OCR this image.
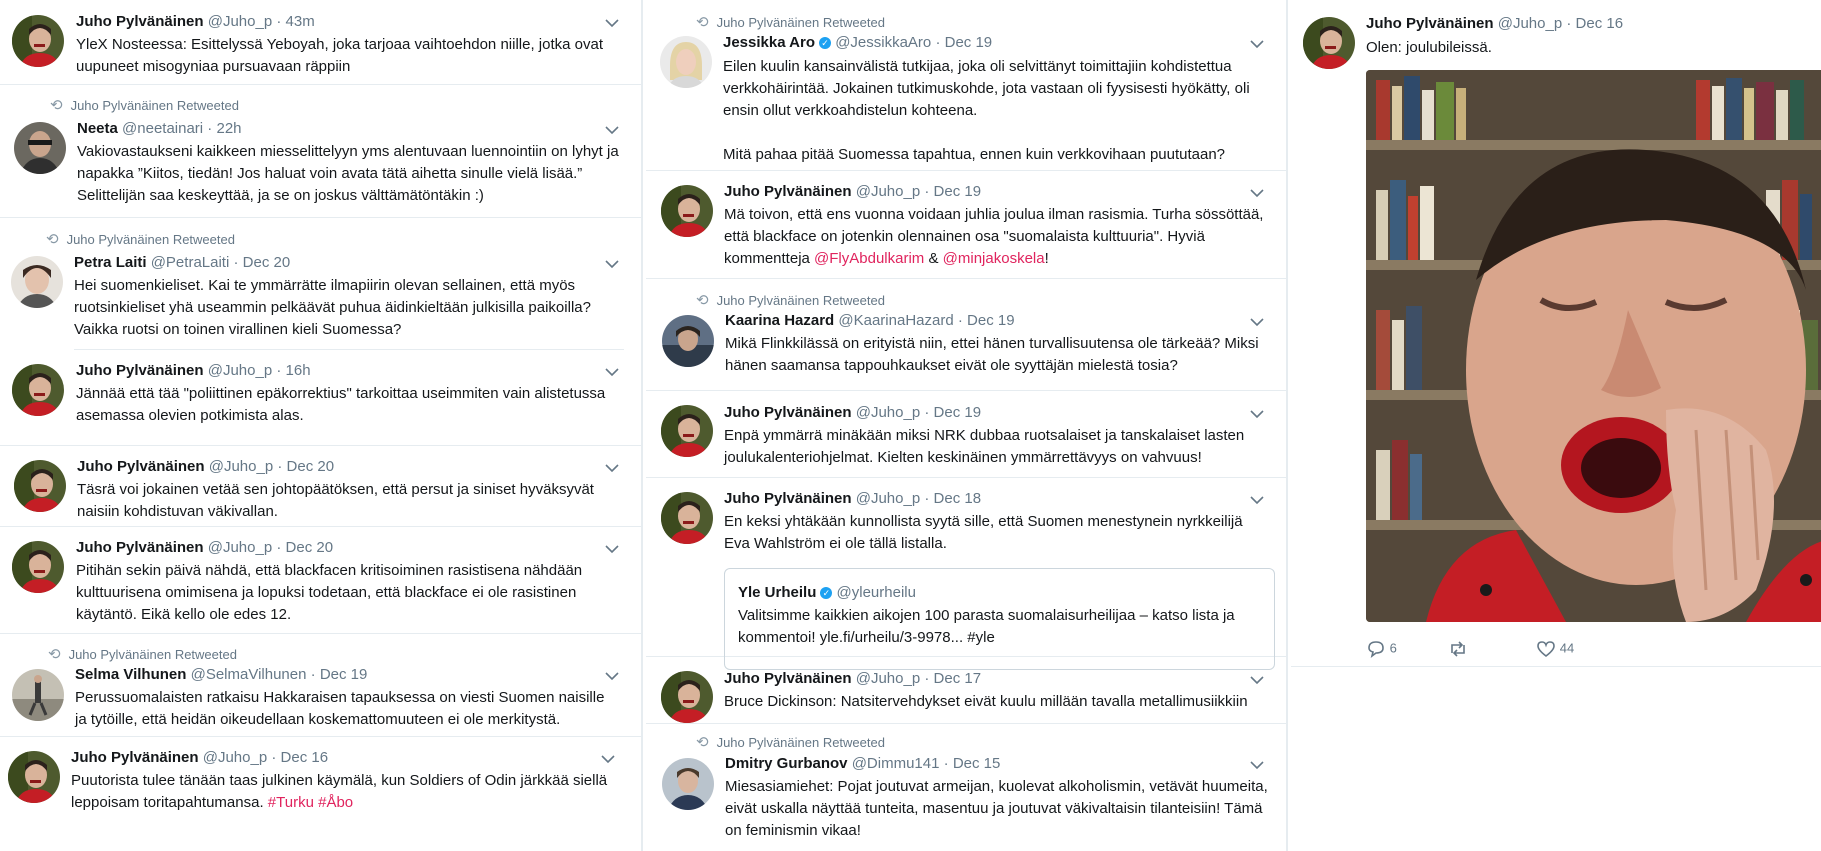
Juho Pylvänäinen @Juho_p · 43m
YleX Nosteessa: Esittelyssä Yeboyah, joka tarjoaa vaihtoehdon niille, jotka ovat uupuneet misogyniaa pursuavaan räppiin
⟲ Juho Pylvänäinen Retweeted
Neeta @neetainari · 22h
Vakiovastaukseni kaikkeen miesselittelyyn yms alentuvaan luennointiin on lyhyt ja napakka ”Kiitos, tiedän! Jos haluat voin avata tätä aihetta sinulle vielä lisää.” Selittelijän saa keskeyttää, ja se on joskus välttämätöntäkin :)
⟲ Juho Pylvänäinen Retweeted
Petra Laiti @PetraLaiti · Dec 20
Hei suomenkieliset. Kai te ymmärrätte ilmapiirin olevan sellainen, että myös ruotsinkieliset yhä useammin pelkäävät puhua äidinkieltään julkisilla paikoilla? Vaikka ruotsi on toinen virallinen kieli Suomessa?
Juho Pylvänäinen @Juho_p · 16h
Jännää että tää "poliittinen epäkorrektius" tarkoittaa useimmiten vain alistetussa asemassa olevien potkimista alas.
Juho Pylvänäinen @Juho_p · Dec 20
Täsrä voi jokainen vetää sen johtopäätöksen, että persut ja siniset hyväksyvät naisiin kohdistuvan väkivallan.
Juho Pylvänäinen @Juho_p · Dec 20
Pitihän sekin päivä nähdä, että blackfacen kritisoiminen rasistisena nähdään kulttuurisena omimisena ja lopuksi todetaan, että blackface ei ole rasistinen käytäntö. Eikä kello ole edes 12.
⟲ Juho Pylvänäinen Retweeted
Selma Vilhunen @SelmaVilhunen · Dec 19
Perussuomalaisten ratkaisu Hakkaraisen tapauksessa on viesti Suomen naisille ja tytöille, että heidän oikeudellaan koskemattomuuteen ei ole merkitystä.
Juho Pylvänäinen @Juho_p · Dec 16
Puutorista tulee tänään taas julkinen käymälä, kun Soldiers of Odin järkkää siellä leppoisam toritapahtumansa. #Turku #Åbo
⟲ Juho Pylvänäinen Retweeted
Jessikka Aro ✓ @JessikkaAro · Dec 19

Eilen kuulin kansainvälistä tutkijaa, joka oli selvittänyt toimittajiin kohdistettua verkkohäirintää. Jokainen tutkimuskohde, jota vastaan oli fyysisesti hyökätty, oli ensin ollut verkkoahdistelun kohteena.

Mitä pahaa pitää Suomessa tapahtua, ennen kuin verkkovihaan puututaan?

Juho Pylvänäinen @Juho_p · Dec 19
Mä toivon, että ens vuonna voidaan juhlia joulua ilman rasismia. Turha sössöttää, että blackface on jotenkin olennainen osa "suomalaista kulttuuria". Hyviä kommentteja @FlyAbdulkarim & @minjakoskela!
⟲ Juho Pylvänäinen Retweeted
Kaarina Hazard @KaarinaHazard · Dec 19
Mikä Flinkkilässä on erityistä niin, ettei hänen turvallisuutensa ole tärkeää? Miksi hänen saamansa tappouhkaukset eivät ole syyttäjän mielestä tosia?
Juho Pylvänäinen @Juho_p · Dec 19
Enpä ymmärrä minäkään miksi NRK dubbaa ruotsalaiset ja tanskalaiset lasten joulukalenteriohjelmat. Kielten keskinäinen ymmärrettävyys on vahvuus!
Juho Pylvänäinen @Juho_p · Dec 18
En keksi yhtäkään kunnollista syytä sille, että Suomen menestynein nyrkkeilijä Eva Wahlström ei ole tällä listalla.
Yle Urheilu ✓ @yleurheilu
Valitsimme kaikkien aikojen 100 parasta suomalaisurheilijaa – katso lista ja kommentoi! yle.fi/urheilu/3-9978... #yle
Juho Pylvänäinen @Juho_p · Dec 17
Bruce Dickinson: Natsitervehdykset eivät kuulu millään tavalla metallimusiikkiin
⟲ Juho Pylvänäinen Retweeted
Dmitry Gurbanov @Dimmu141 · Dec 15
Miesasiamiehet: Pojat joutuvat armeijan, kuolevat alkoholismin, vetävät huumeita, eivät uskalla näyttää tunteita, masentuu ja joutuvat väkivaltaisin tilanteisiin! Tämä on feminismin vikaa!
Juho Pylvänäinen @Juho_p · Dec 16
Olen: joulubileissä.
6	44
